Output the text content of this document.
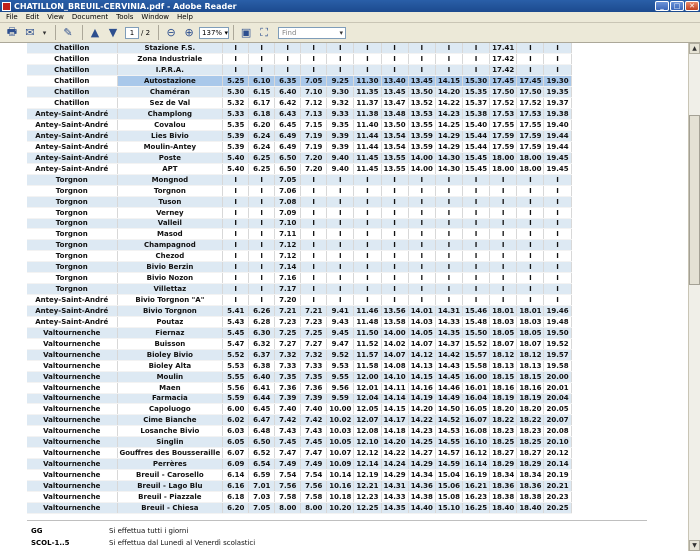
CHATILLON_BREUIL-CERVINIA.pdf - Adobe Reader	_	□	✕
File	Edit	View	Document	Tools	Window	Help
🖶 ✉	▾	✎	▲ ▼	1 / 2	⊖ ⊕	137% ▾ ▣ ⛶	Find	▾
Chatillon	Stazione F.S.	I	I	I	I	I	I	I	I	I	I	17.41	I	I
Chatillon	Zona Industriale	I	I	I	I	I	I	I	I	I	I	17.42	I	I
Chatillon	I.P.R.A.	I	I	I	I	I	I	I	I	I	I	17.42	I	I
Chatillon	Autostazione	5.25	6.10	6.35	7.05	9.25	11.30	13.40	13.45	14.15	15.30	17.45	17.45	19.30
Chatillon	Chaméran	5.30	6.15	6.40	7.10	9.30	11.35	13.45	13.50	14.20	15.35	17.50	17.50	19.35
Chatillon	Sez de Val	5.32	6.17	6.42	7.12	9.32	11.37	13.47	13.52	14.22	15.37	17.52	17.52	19.37
Antey-Saint-André	Champlong	5.33	6.18	6.43	7.13	9.33	11.38	13.48	13.53	14.23	15.38	17.53	17.53	19.38
Antey-Saint-André	Covalou	5.35	6.20	6.45	7.15	9.35	11.40	13.50	13.55	14.25	15.40	17.55	17.55	19.40
Antey-Saint-André	Lies Bivio	5.39	6.24	6.49	7.19	9.39	11.44	13.54	13.59	14.29	15.44	17.59	17.59	19.44
Antey-Saint-André	Moulin-Antey	5.39	6.24	6.49	7.19	9.39	11.44	13.54	13.59	14.29	15.44	17.59	17.59	19.44
Antey-Saint-André	Poste	5.40	6.25	6.50	7.20	9.40	11.45	13.55	14.00	14.30	15.45	18.00	18.00	19.45
Antey-Saint-André	APT	5.40	6.25	6.50	7.20	9.40	11.45	13.55	14.00	14.30	15.45	18.00	18.00	19.45
Torgnon	Mongnod	I	I	7.05	I	I	I	I	I	I	I	I	I	I
Torgnon	Torgnon	I	I	7.06	I	I	I	I	I	I	I	I	I	I
Torgnon	Tuson	I	I	7.08	I	I	I	I	I	I	I	I	I	I
Torgnon	Verney	I	I	7.09	I	I	I	I	I	I	I	I	I	I
Torgnon	Valleil	I	I	7.10	I	I	I	I	I	I	I	I	I	I
Torgnon	Masod	I	I	7.11	I	I	I	I	I	I	I	I	I	I
Torgnon	Champagnod	I	I	7.12	I	I	I	I	I	I	I	I	I	I
Torgnon	Chezod	I	I	7.12	I	I	I	I	I	I	I	I	I	I
Torgnon	Bivio Berzin	I	I	7.14	I	I	I	I	I	I	I	I	I	I
Torgnon	Bivio Nozon	I	I	7.16	I	I	I	I	I	I	I	I	I	I
Torgnon	Villettaz	I	I	7.17	I	I	I	I	I	I	I	I	I	I
Antey-Saint-André	Bivio Torgnon "A"	I	I	7.20	I	I	I	I	I	I	I	I	I	I
Antey-Saint-André	Bivio Torgnon	5.41	6.26	7.21	7.21	9.41	11.46	13.56	14.01	14.31	15.46	18.01	18.01	19.46
Antey-Saint-André	Poutaz	5.43	6.28	7.23	7.23	9.43	11.48	13.58	14.03	14.33	15.48	18.03	18.03	19.48
Valtournenche	Fiernaz	5.45	6.30	7.25	7.25	9.45	11.50	14.00	14.05	14.35	15.50	18.05	18.05	19.50
Valtournenche	Buisson	5.47	6.32	7.27	7.27	9.47	11.52	14.02	14.07	14.37	15.52	18.07	18.07	19.52
Valtournenche	Bioley Bivio	5.52	6.37	7.32	7.32	9.52	11.57	14.07	14.12	14.42	15.57	18.12	18.12	19.57
Valtournenche	Bioley Alta	5.53	6.38	7.33	7.33	9.53	11.58	14.08	14.13	14.43	15.58	18.13	18.13	19.58
Valtournenche	Moulin	5.55	6.40	7.35	7.35	9.55	12.00	14.10	14.15	14.45	16.00	18.15	18.15	20.00
Valtournenche	Maen	5.56	6.41	7.36	7.36	9.56	12.01	14.11	14.16	14.46	16.01	18.16	18.16	20.01
Valtournenche	Farmacia	5.59	6.44	7.39	7.39	9.59	12.04	14.14	14.19	14.49	16.04	18.19	18.19	20.04
Valtournenche	Capoluogo	6.00	6.45	7.40	7.40	10.00	12.05	14.15	14.20	14.50	16.05	18.20	18.20	20.05
Valtournenche	Cime Bianche	6.02	6.47	7.42	7.42	10.02	12.07	14.17	14.22	14.52	16.07	18.22	18.22	20.07
Valtournenche	Losanche Bivio	6.03	6.48	7.43	7.43	10.03	12.08	14.18	14.23	14.53	16.08	18.23	18.23	20.08
Valtournenche	Singlin	6.05	6.50	7.45	7.45	10.05	12.10	14.20	14.25	14.55	16.10	18.25	18.25	20.10
Valtournenche	Gouffres des Bousseraille	6.07	6.52	7.47	7.47	10.07	12.12	14.22	14.27	14.57	16.12	18.27	18.27	20.12
Valtournenche	Perrères	6.09	6.54	7.49	7.49	10.09	12.14	14.24	14.29	14.59	16.14	18.29	18.29	20.14
Valtournenche	Breuil - Carosello	6.14	6.59	7.54	7.54	10.14	12.19	14.29	14.34	15.04	16.19	18.34	18.34	20.19
Valtournenche	Breuil - Lago Blu	6.16	7.01	7.56	7.56	10.16	12.21	14.31	14.36	15.06	16.21	18.36	18.36	20.21
Valtournenche	Breuil - Piazzale	6.18	7.03	7.58	7.58	10.18	12.23	14.33	14.38	15.08	16.23	18.38	18.38	20.23
Valtournenche	Breuil - Chiesa	6.20	7.05	8.00	8.00	10.20	12.25	14.35	14.40	15.10	16.25	18.40	18.40	20.25
GG	Si effettua tutti i giorni
SCOL-1..5	Si effettua dal Lunedì al Venerdì scolastici
▲
▼
